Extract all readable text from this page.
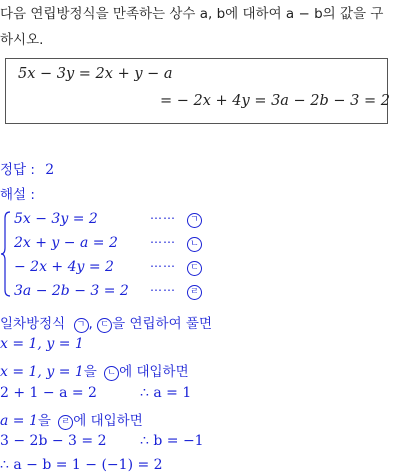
다음 연립방정식을 만족하는 상수 a, b에 대하여 a − b의 값을 구
하시오.
5x − 3y = 2x + y − a
= − 2x + 4y = 3a − 2b − 3 = 2
정답 : 2
해설 :
5x − 3y = 2
2x + y − a = 2
− 2x + 4y = 2
3a − 2b − 3 = 2
⋯⋯
⋯⋯
⋯⋯
⋯⋯
ㄱ
ㄴ
ㄷ
ㄹ
일차방정식 ㄱ , ㄷ 을 연립하여 풀면
x = 1, y = 1
x = 1, y = 1을 ㄴ 에 대입하면
2 + 1 − a = 2	∴ a = 1
a = 1을 ㄹ 에 대입하면
3 − 2b − 3 = 2 ∴ b = −1
∴ a − b = 1 − (−1) = 2
